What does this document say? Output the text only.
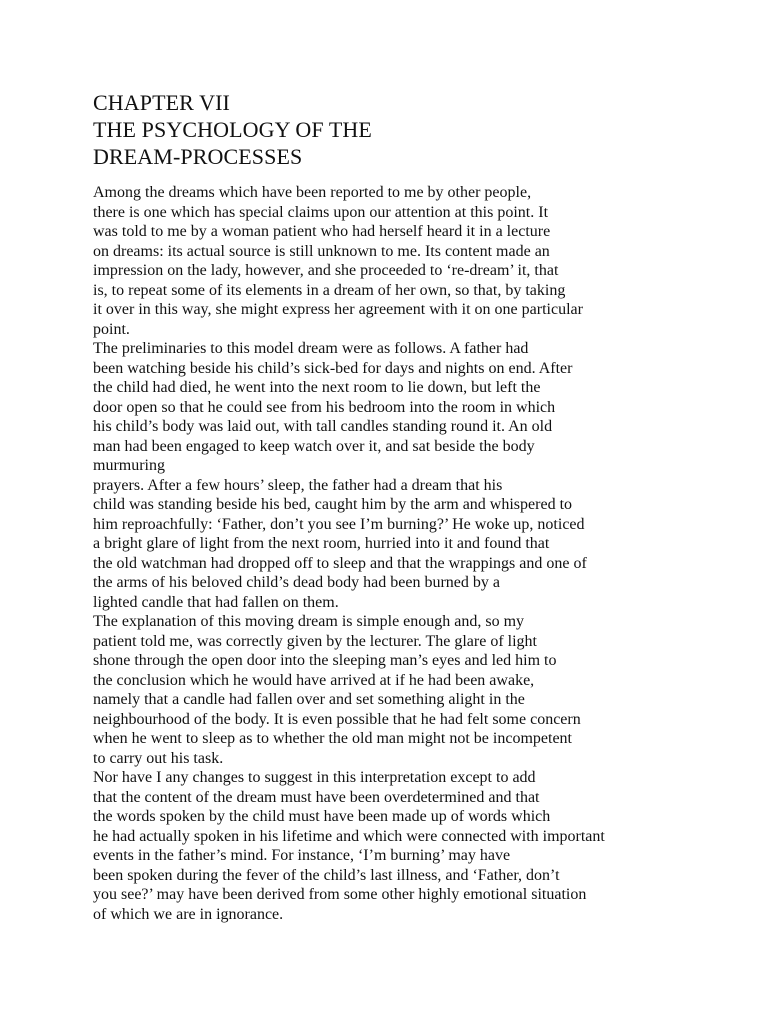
CHAPTER VII
THE PSYCHOLOGY OF THE
DREAM-PROCESSES
Among the dreams which have been reported to me by other people,
there is one which has special claims upon our attention at this point. It
was told to me by a woman patient who had herself heard it in a lecture
on dreams: its actual source is still unknown to me. Its content made an
impression on the lady, however, and she proceeded to ‘re-dream’ it, that
is, to repeat some of its elements in a dream of her own, so that, by taking
it over in this way, she might express her agreement with it on one particular
point.
The preliminaries to this model dream were as follows. A father had
been watching beside his child’s sick-bed for days and nights on end. After
the child had died, he went into the next room to lie down, but left the
door open so that he could see from his bedroom into the room in which
his child’s body was laid out, with tall candles standing round it. An old
man had been engaged to keep watch over it, and sat beside the body
murmuring
prayers. After a few hours’ sleep, the father had a dream that his
child was standing beside his bed, caught him by the arm and whispered to
him reproachfully: ‘Father, don’t you see I’m burning?’ He woke up, noticed
a bright glare of light from the next room, hurried into it and found that
the old watchman had dropped off to sleep and that the wrappings and one of
the arms of his beloved child’s dead body had been burned by a
lighted candle that had fallen on them.
The explanation of this moving dream is simple enough and, so my
patient told me, was correctly given by the lecturer. The glare of light
shone through the open door into the sleeping man’s eyes and led him to
the conclusion which he would have arrived at if he had been awake,
namely that a candle had fallen over and set something alight in the
neighbourhood of the body. It is even possible that he had felt some concern
when he went to sleep as to whether the old man might not be incompetent
to carry out his task.
Nor have I any changes to suggest in this interpretation except to add
that the content of the dream must have been overdetermined and that
the words spoken by the child must have been made up of words which
he had actually spoken in his lifetime and which were connected with important
events in the father’s mind. For instance, ‘I’m burning’ may have
been spoken during the fever of the child’s last illness, and ‘Father, don’t
you see?’ may have been derived from some other highly emotional situation
of which we are in ignorance.
